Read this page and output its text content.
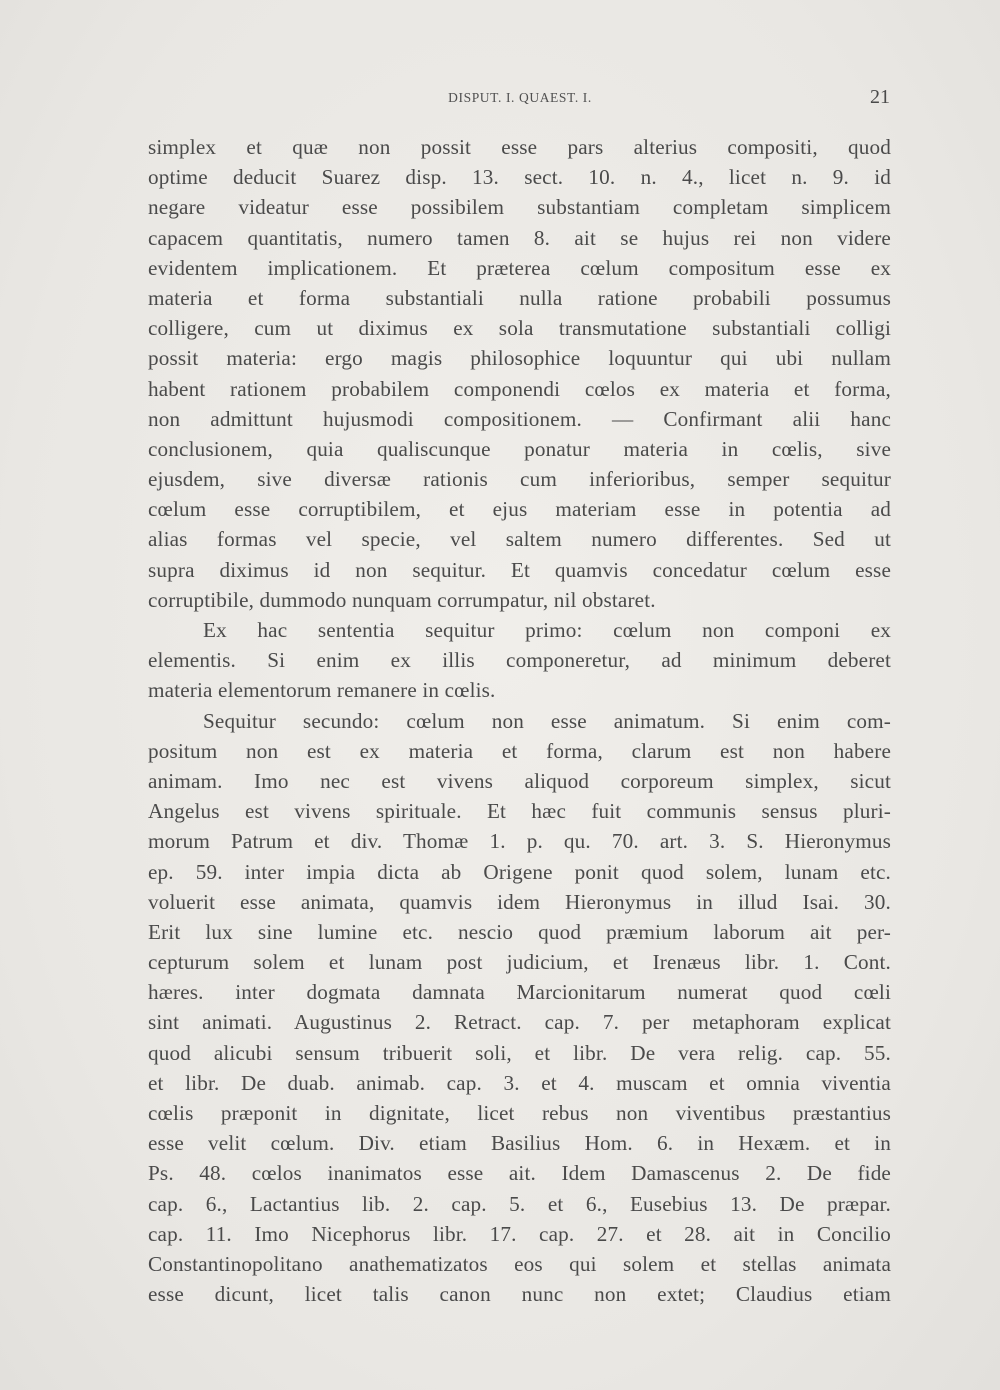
DISPUT. I. QUAEST. I.	21
simplex et quæ non possit esse pars alterius compositi, quod
optime deducit Suarez disp. 13. sect. 10. n. 4., licet n. 9. id
negare videatur esse possibilem substantiam completam simplicem
capacem quantitatis, numero tamen 8. ait se hujus rei non videre
evidentem implicationem. Et præterea cœlum compositum esse ex
materia et forma substantiali nulla ratione probabili possumus
colligere, cum ut diximus ex sola transmutatione substantiali colligi
possit materia: ergo magis philosophice loquuntur qui ubi nullam
habent rationem probabilem componendi cœlos ex materia et forma,
non admittunt hujusmodi compositionem. — Confirmant alii hanc
conclusionem, quia qualiscunque ponatur materia in cœlis, sive
ejusdem, sive diversæ rationis cum inferioribus, semper sequitur
cœlum esse corruptibilem, et ejus materiam esse in potentia ad
alias formas vel specie, vel saltem numero differentes. Sed ut
supra diximus id non sequitur. Et quamvis concedatur cœlum esse
corruptibile, dummodo nunquam corrumpatur, nil obstaret.
Ex hac sententia sequitur primo: cœlum non componi ex
elementis. Si enim ex illis componeretur, ad minimum deberet
materia elementorum remanere in cœlis.
Sequitur secundo: cœlum non esse animatum. Si enim com-
positum non est ex materia et forma, clarum est non habere
animam. Imo nec est vivens aliquod corporeum simplex, sicut
Angelus est vivens spirituale. Et hæc fuit communis sensus pluri-
morum Patrum et div. Thomæ 1. p. qu. 70. art. 3. S. Hieronymus
ep. 59. inter impia dicta ab Origene ponit quod solem, lunam etc.
voluerit esse animata, quamvis idem Hieronymus in illud Isai. 30.
Erit lux sine lumine etc. nescio quod præmium laborum ait per-
cepturum solem et lunam post judicium, et Irenæus libr. 1. Cont.
hæres. inter dogmata damnata Marcionitarum numerat quod cœli
sint animati. Augustinus 2. Retract. cap. 7. per metaphoram explicat
quod alicubi sensum tribuerit soli, et libr. De vera relig. cap. 55.
et libr. De duab. animab. cap. 3. et 4. muscam et omnia viventia
cœlis præponit in dignitate, licet rebus non viventibus præstantius
esse velit cœlum. Div. etiam Basilius Hom. 6. in Hexæm. et in
Ps. 48. cœlos inanimatos esse ait. Idem Damascenus 2. De fide
cap. 6., Lactantius lib. 2. cap. 5. et 6., Eusebius 13. De præpar.
cap. 11. Imo Nicephorus libr. 17. cap. 27. et 28. ait in Concilio
Constantinopolitano anathematizatos eos qui solem et stellas animata
esse dicunt, licet talis canon nunc non extet; Claudius etiam
